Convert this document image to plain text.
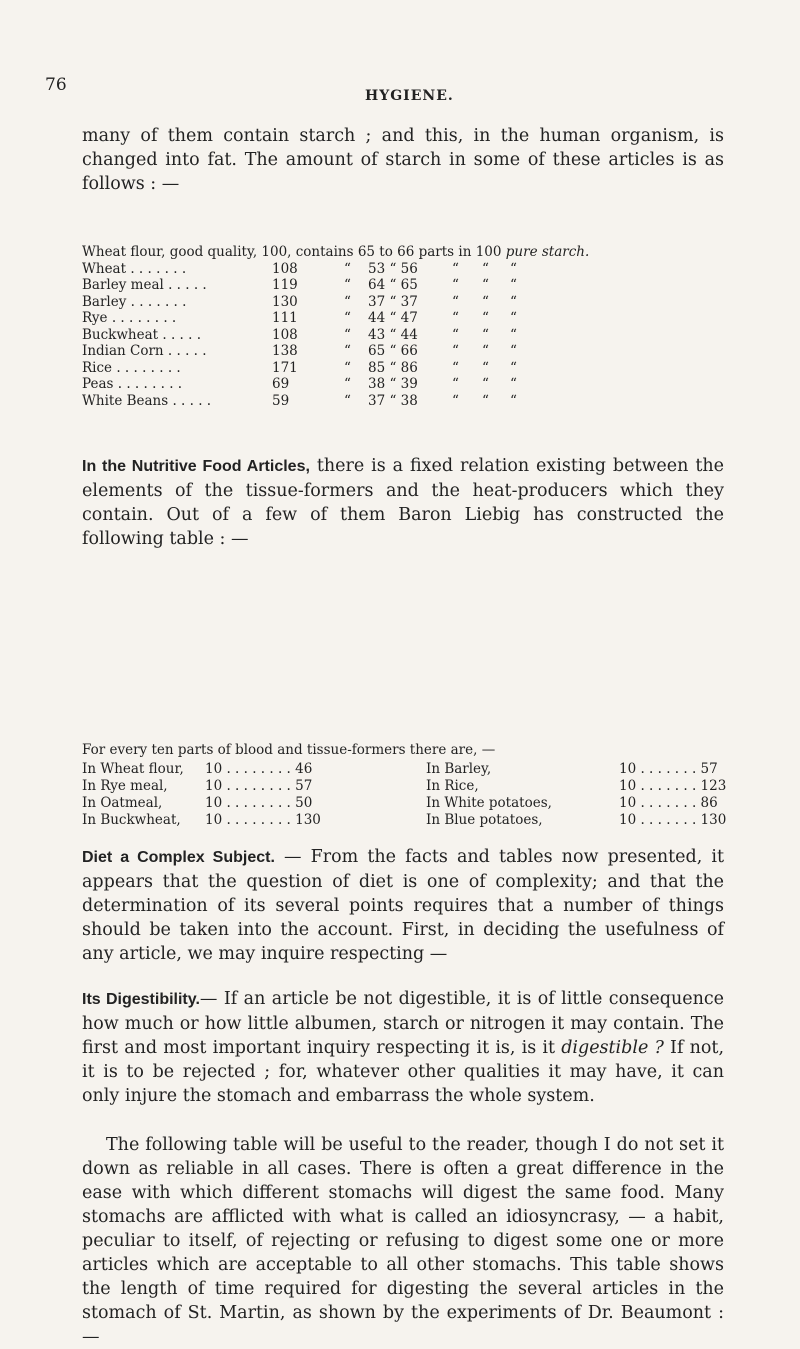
76
HYGIENE.

many of them contain starch ; and this, in the human organism, is changed into fat. The amount of starch in some of these articles is as follows : —

Wheat flour, good quality, 100, contains 65 to 66 parts in 100 pure starch.
Wheat . . . . . . .	108	“ 53 “ 56	“ “ “
Barley meal . . . . .	119	“ 64 “ 65	“ “ “
Barley . . . . . . .	130	“ 37 “ 37	“ “ “
Rye . . . . . . . .	111	“ 44 “ 47	“ “ “
Buckwheat . . . . .	108	“ 43 “ 44	“ “ “
Indian Corn . . . . .	138	“ 65 “ 66	“ “ “
Rice . . . . . . . .	171	“ 85 “ 86	“ “ “
Peas . . . . . . . .	69	“ 38 “ 39	“ “ “
White Beans . . . . .	59	“ 37 “ 38	“ “ “

In the Nutritive Food Articles, there is a fixed relation existing between the elements of the tissue-formers and the heat-producers which they contain. Out of a few of them Baron Liebig has constructed the following table : —

For every ten parts of blood and tissue-formers there are, —
In Wheat flour, 10 . . . . . . . . 46	In Barley,	10 . . . . . . . 57
In Rye meal,	10 . . . . . . . . 57	In Rice,	10 . . . . . . . 123
In Oatmeal,	10 . . . . . . . . 50	In White potatoes,	10 . . . . . . . 86
In Buckwheat, 10 . . . . . . . . 130	In Blue potatoes,	10 . . . . . . . 130

Diet a Complex Subject. — From the facts and tables now presented, it appears that the question of diet is one of complexity; and that the determination of its several points requires that a number of things should be taken into the account. First, in deciding the usefulness of any article, we may inquire respecting —

Its Digestibility.— If an article be not digestible, it is of little consequence how much or how little albumen, starch or nitrogen it may contain. The first and most important inquiry respecting it is, is it digestible ? If not, it is to be rejected ; for, whatever other qualities it may have, it can only injure the stomach and embarrass the whole system.

The following table will be useful to the reader, though I do not set it down as reliable in all cases. There is often a great difference in the ease with which different stomachs will digest the same food. Many stomachs are afflicted with what is called an idiosyncrasy, — a habit, peculiar to itself, of rejecting or refusing to digest some one or more articles which are acceptable to all other stomachs. This table shows the length of time required for digesting the several articles in the stomach of St. Martin, as shown by the experiments of Dr. Beaumont : —
